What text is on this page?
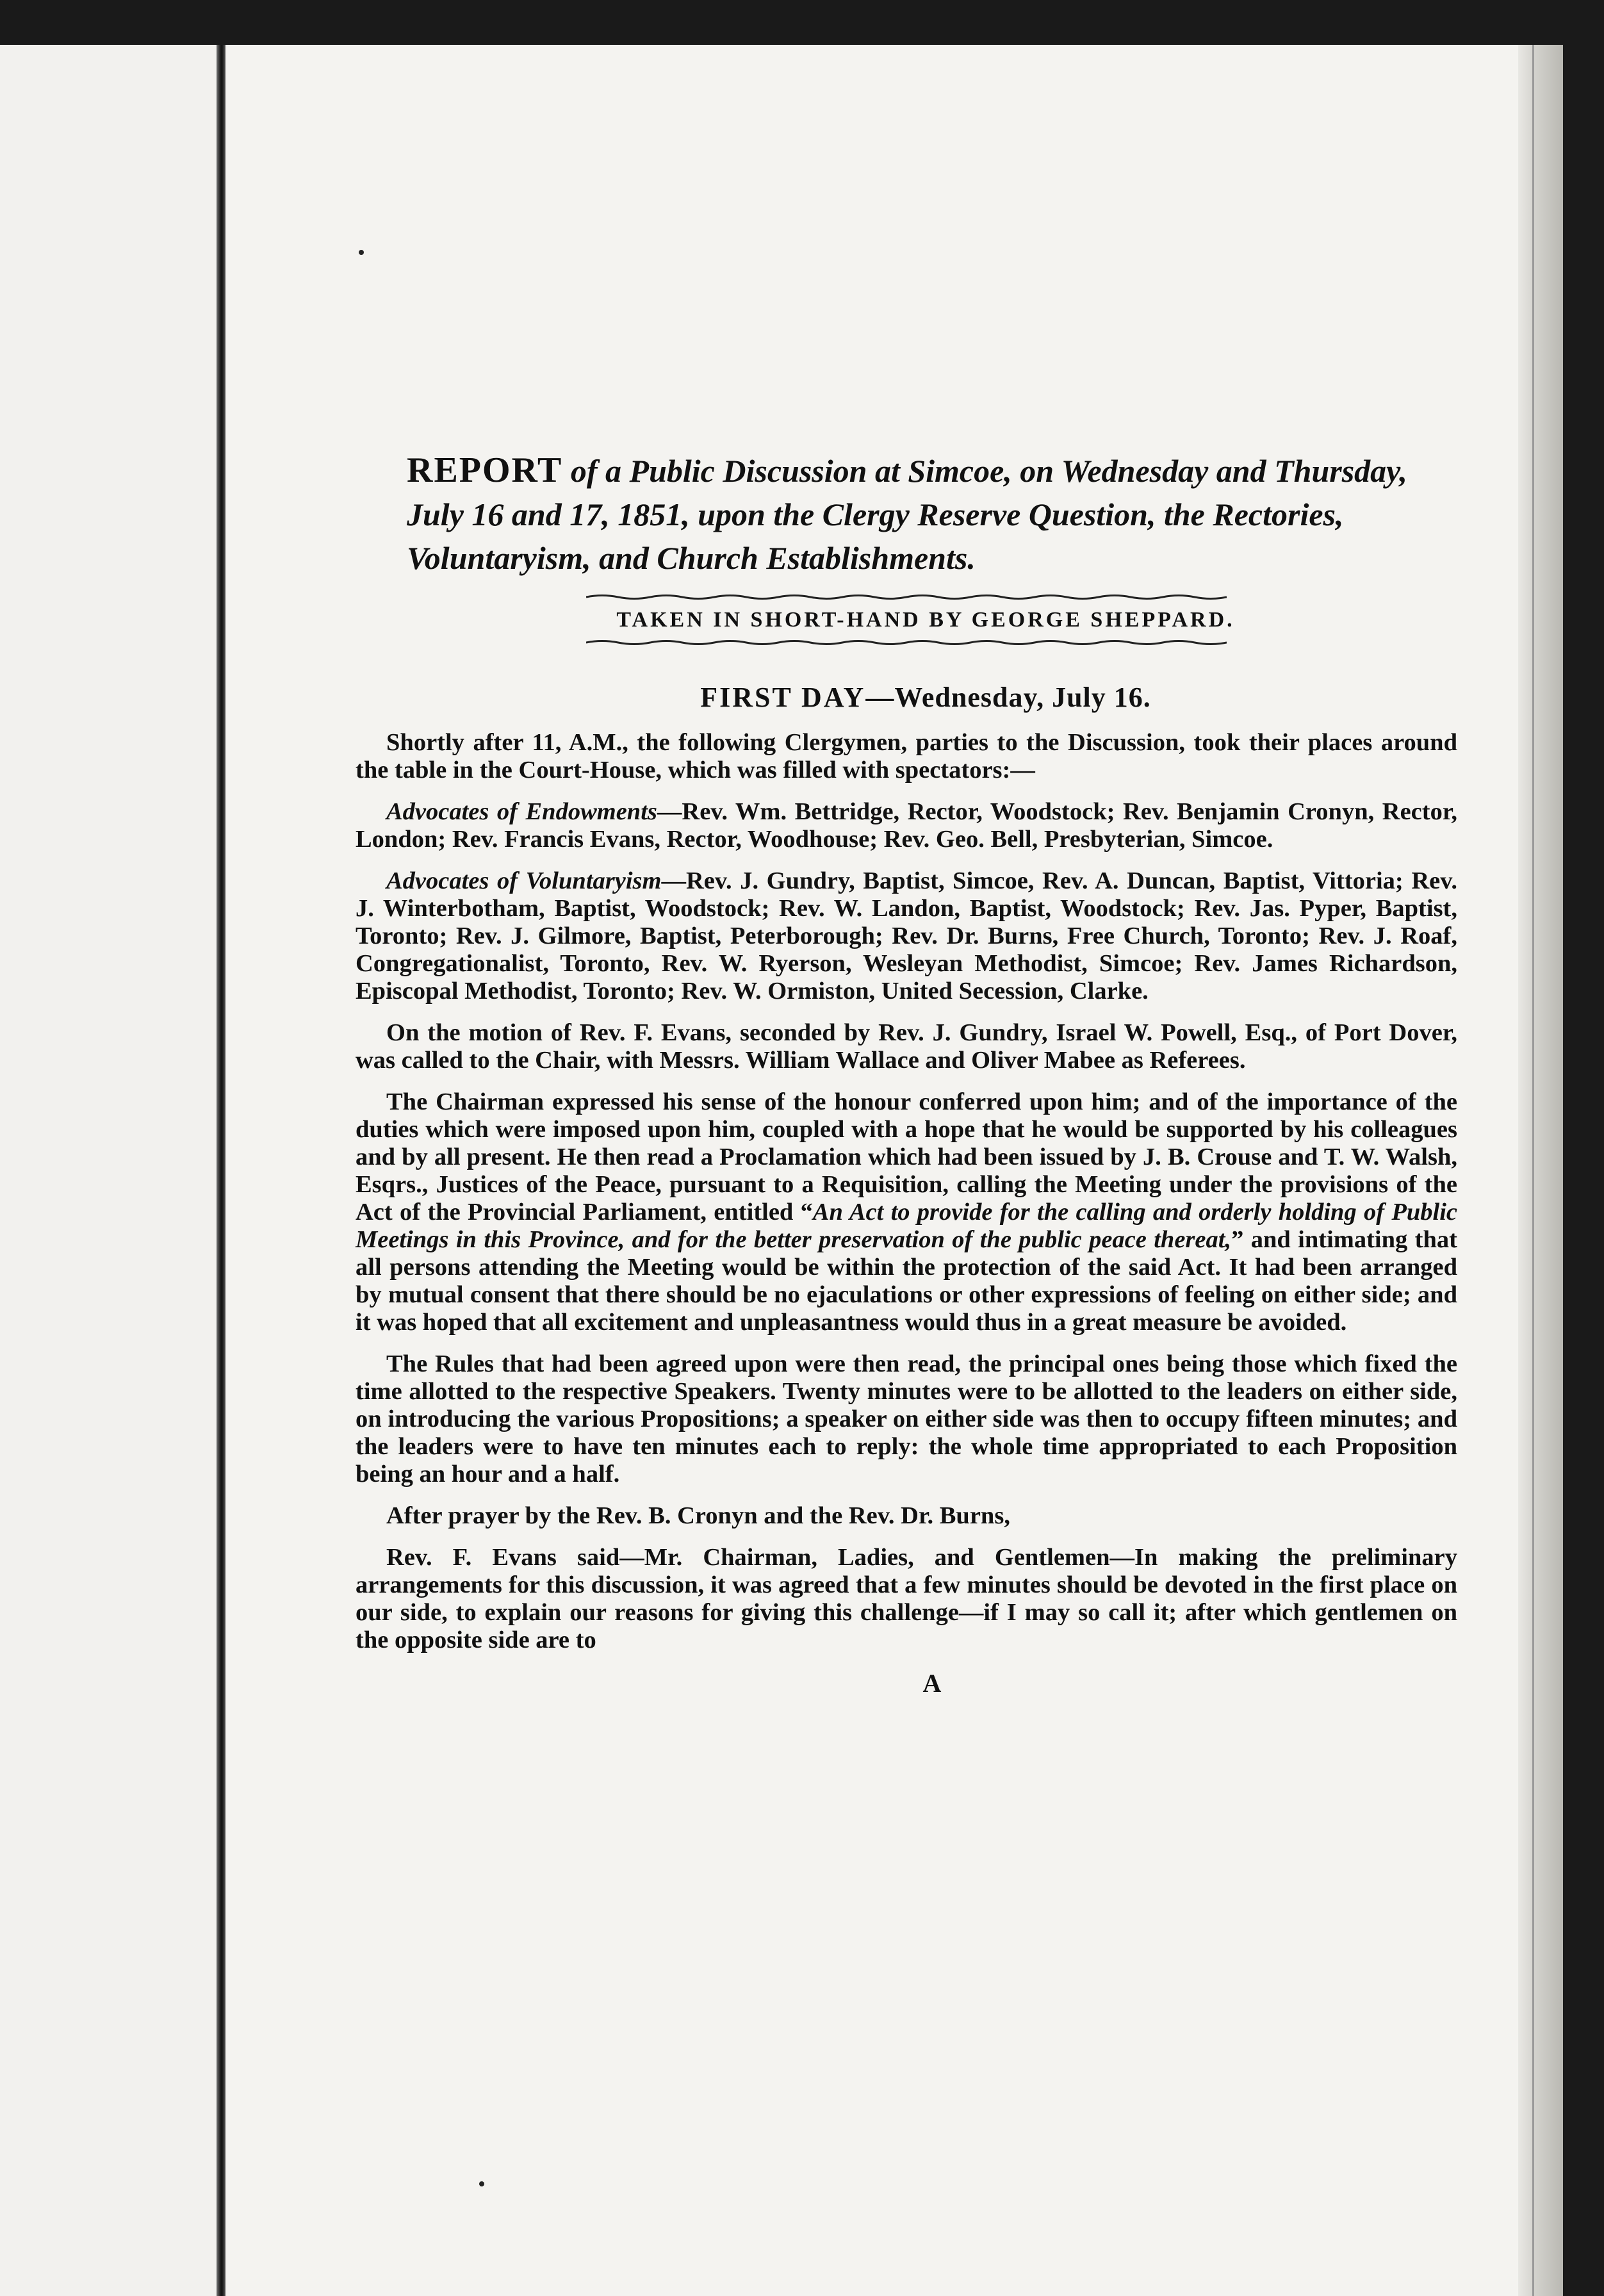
REPORT of a Public Discussion at Simcoe, on Wednesday and Thursday, July 16 and 17, 1851, upon the Clergy Reserve Question, the Rectories, Voluntaryism, and Church Establishments.
TAKEN IN SHORT-HAND BY GEORGE SHEPPARD.
FIRST DAY—Wednesday, July 16.

Shortly after 11, A.M., the following Clergymen, parties to the Discussion, took their places around the table in the Court-House, which was filled with spectators:—

Advocates of Endowments—Rev. Wm. Bettridge, Rector, Woodstock; Rev. Benjamin Cronyn, Rector, London; Rev. Francis Evans, Rector, Woodhouse; Rev. Geo. Bell, Presbyterian, Simcoe.

Advocates of Voluntaryism—Rev. J. Gundry, Baptist, Simcoe, Rev. A. Duncan, Baptist, Vittoria; Rev. J. Winterbotham, Baptist, Woodstock; Rev. W. Landon, Baptist, Woodstock; Rev. Jas. Pyper, Baptist, Toronto; Rev. J. Gilmore, Baptist, Peterborough; Rev. Dr. Burns, Free Church, Toronto; Rev. J. Roaf, Congregationalist, Toronto, Rev. W. Ryerson, Wesleyan Methodist, Simcoe; Rev. James Richardson, Episcopal Methodist, Toronto; Rev. W. Ormiston, United Secession, Clarke.

On the motion of Rev. F. Evans, seconded by Rev. J. Gundry, Israel W. Powell, Esq., of Port Dover, was called to the Chair, with Messrs. William Wallace and Oliver Mabee as Referees.

The Chairman expressed his sense of the honour conferred upon him; and of the importance of the duties which were imposed upon him, coupled with a hope that he would be supported by his colleagues and by all present. He then read a Proclamation which had been issued by J. B. Crouse and T. W. Walsh, Esqrs., Justices of the Peace, pursuant to a Requisition, calling the Meeting under the provisions of the Act of the Provincial Parliament, entitled “An Act to provide for the calling and orderly holding of Public Meetings in this Province, and for the better preservation of the public peace thereat,” and intimating that all persons attending the Meeting would be within the protection of the said Act. It had been arranged by mutual consent that there should be no ejaculations or other expressions of feeling on either side; and it was hoped that all excitement and unpleasantness would thus in a great measure be avoided.

The Rules that had been agreed upon were then read, the principal ones being those which fixed the time allotted to the respective Speakers. Twenty minutes were to be allotted to the leaders on either side, on introducing the various Propositions; a speaker on either side was then to occupy fifteen minutes; and the leaders were to have ten minutes each to reply: the whole time appropriated to each Proposition being an hour and a half.

After prayer by the Rev. B. Cronyn and the Rev. Dr. Burns,

Rev. F. Evans said—Mr. Chairman, Ladies, and Gentlemen—In making the preliminary arrangements for this discussion, it was agreed that a few minutes should be devoted in the first place on our side, to explain our reasons for giving this challenge—if I may so call it; after which gentlemen on the opposite side are to

A
